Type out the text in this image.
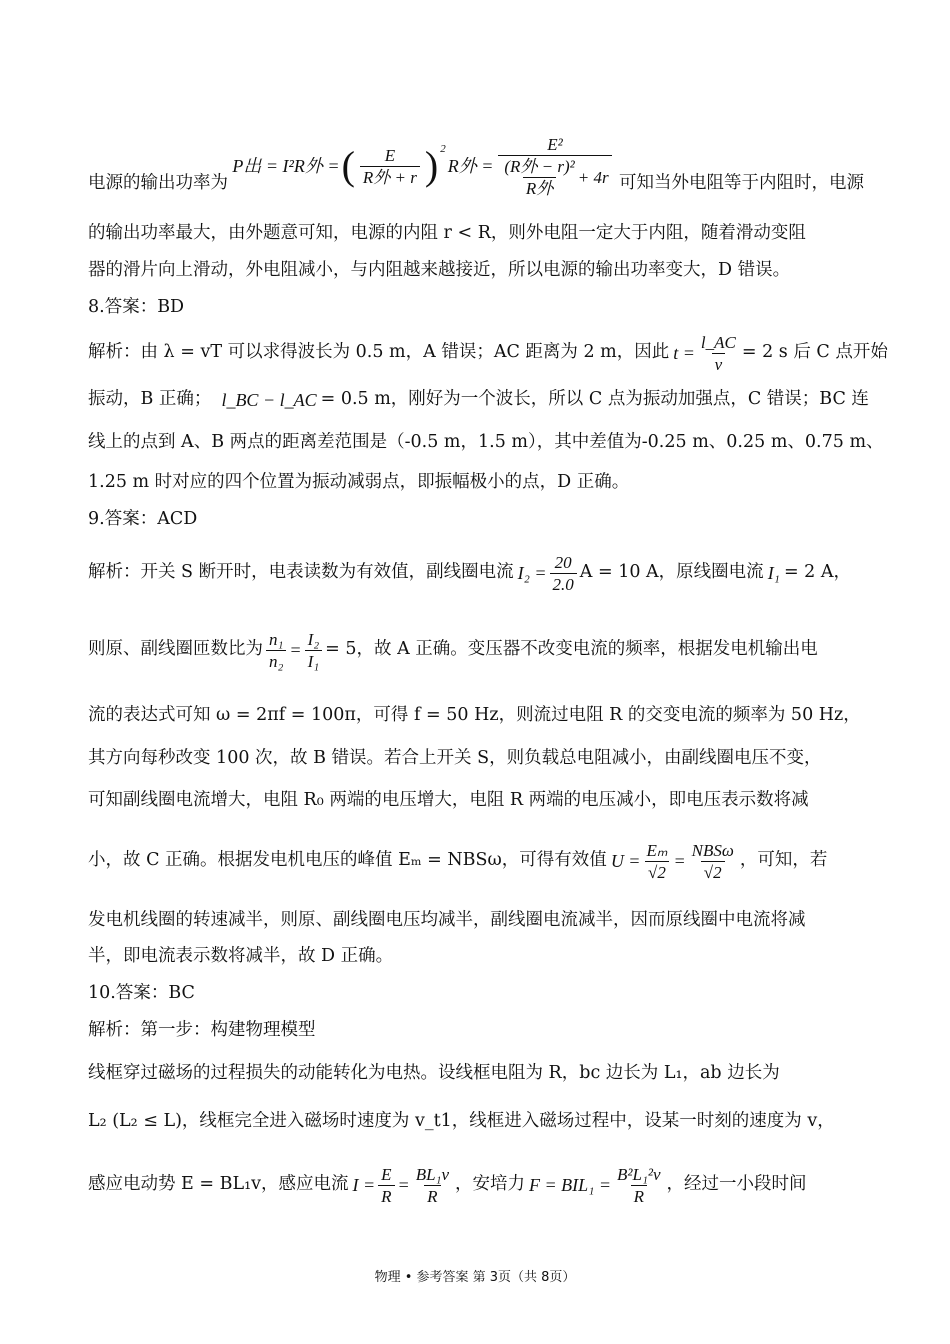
电源的输出功率为
P出 = I²R外 = ( $\frac{E}{\text{R外 + r}} )^2$
R外 = $\frac{\text{E²}}{\frac{\text{(R外 − r)²}}{\text{R外}} + 4r}$ 可知当外电阻等于内阻时，电源
的输出功率最大，由外题意可知，电源的内阻 r < R，则外电阻一定大于内阻，随着滑动变阻
器的滑片向上滑动，外电阻减小，与内阻越来越接近，所以电源的输出功率变大，D 错误。
8.答案：BD
解析：由 λ = vT 可以求得波长为 0.5 m，A 错误；AC 距离为 2 m，因此 $t = \frac{l\_AC}{v} = 2$ s 后 C 点开始
振动，B 正确； l_BC − l_AC = 0.5 m，刚好为一个波长，所以 C 点为振动加强点，C 错误；BC 连
线上的点到 A、B 两点的距离差范围是（-0.5 m，1.5 m），其中差值为-0.25 m、0.25 m、0.75 m、
1.25 m 时对应的四个位置为振动减弱点，即振幅极小的点，D 正确。
9.答案：ACD
解析：开关 S 断开时，电表读数为有效值，副线圈电流 $I_2 = \frac{20}{2.0}$ A = 10 A，原线圈电流 I₁ = 2 A，
则原、副线圈匝数比为 $\frac{\text{n₁}}{\text{n₂}} = \frac{\text{I₂}}{\text{I₁}} = 5$，故 A 正确。变压器不改变电流的频率，根据发电机输出电
流的表达式可知 ω = 2πf = 100π，可得 f = 50 Hz，则流过电阻 R 的交变电流的频率为 50 Hz，
其方向每秒改变 100 次，故 B 错误。若合上开关 S，则负载总电阻减小，由副线圈电压不变，
可知副线圈电流增大，电阻 R₀ 两端的电压增大，电阻 R 两端的电压减小，即电压表示数将减
小，故 C 正确。根据发电机电压的峰值 Eₘ = NBSω，可得有效值 $U = \frac{\text{Eₘ}}{√2} = \frac{\text{NBSω}}{√2}$ ，可知，若
发电机线圈的转速减半，则原、副线圈电压均减半，副线圈电流减半，因而原线圈中电流将减
半，即电流表示数将减半，故 D 正确。
10.答案：BC
解析：第一步：构建物理模型
线框穿过磁场的过程损失的动能转化为电热。设线框电阻为 R，bc 边长为 L₁，ab 边长为
L₂ (L₂ ≤ L)，线框完全进入磁场时速度为 v_t1，线框进入磁场过程中，设某一时刻的速度为 v，
感应电动势 E = BL₁v，感应电流 $I = \frac{E}{R} = \frac{\text{BL₁v}}{R}$ ，安培力 $F = BIL_1 = \frac{\text{B²L₁²v}}{R}$ ，经过一小段时间
物理 • 参考答案 第 3页（共 8页）
